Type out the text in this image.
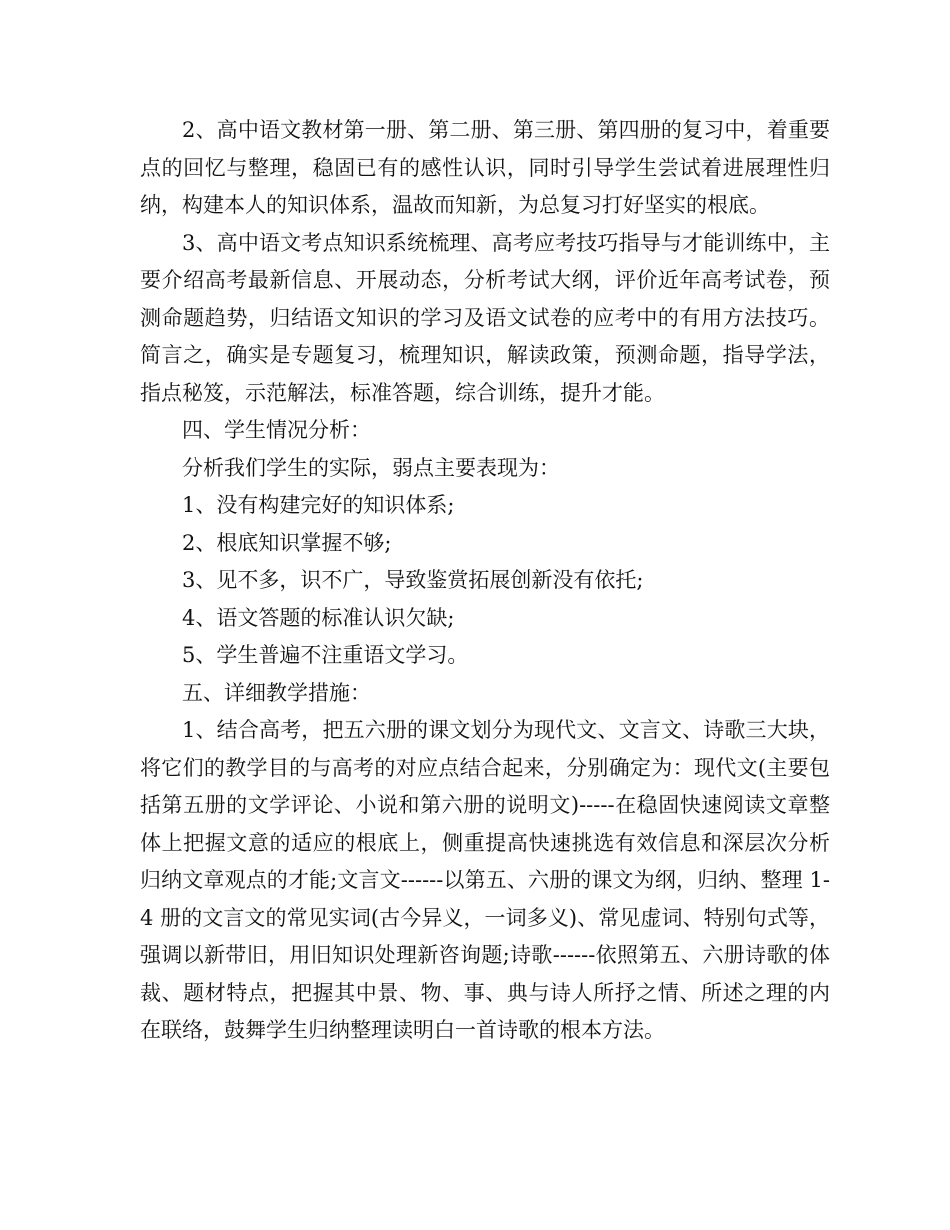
2、高中语文教材第一册、第二册、第三册、第四册的复习中，着重要点的回忆与整理，稳固已有的感性认识，同时引导学生尝试着进展理性归纳，构建本人的知识体系，温故而知新，为总复习打好坚实的根底。

3、高中语文考点知识系统梳理、高考应考技巧指导与才能训练中，主要介绍高考最新信息、开展动态，分析考试大纲，评价近年高考试卷，预测命题趋势，归结语文知识的学习及语文试卷的应考中的有用方法技巧。简言之，确实是专题复习，梳理知识，解读政策，预测命题，指导学法，指点秘笈，示范解法，标准答题，综合训练，提升才能。

四、学生情况分析：

分析我们学生的实际，弱点主要表现为：

1、没有构建完好的知识体系;

2、根底知识掌握不够;

3、见不多，识不广，导致鉴赏拓展创新没有依托;

4、语文答题的标准认识欠缺;

5、学生普遍不注重语文学习。

五、详细教学措施：

1、结合高考，把五六册的课文划分为现代文、文言文、诗歌三大块，将它们的教学目的与高考的对应点结合起来，分别确定为：现代文(主要包括第五册的文学评论、小说和第六册的说明文)-----在稳固快速阅读文章整体上把握文意的适应的根底上，侧重提高快速挑选有效信息和深层次分析归纳文章观点的才能;文言文------以第五、六册的课文为纲，归纳、整理 1-4 册的文言文的常见实词(古今异义，一词多义)、常见虚词、特别句式等，强调以新带旧，用旧知识处理新咨询题;诗歌------依照第五、六册诗歌的体裁、题材特点，把握其中景、物、事、典与诗人所抒之情、所述之理的内在联络，鼓舞学生归纳整理读明白一首诗歌的根本方法。
